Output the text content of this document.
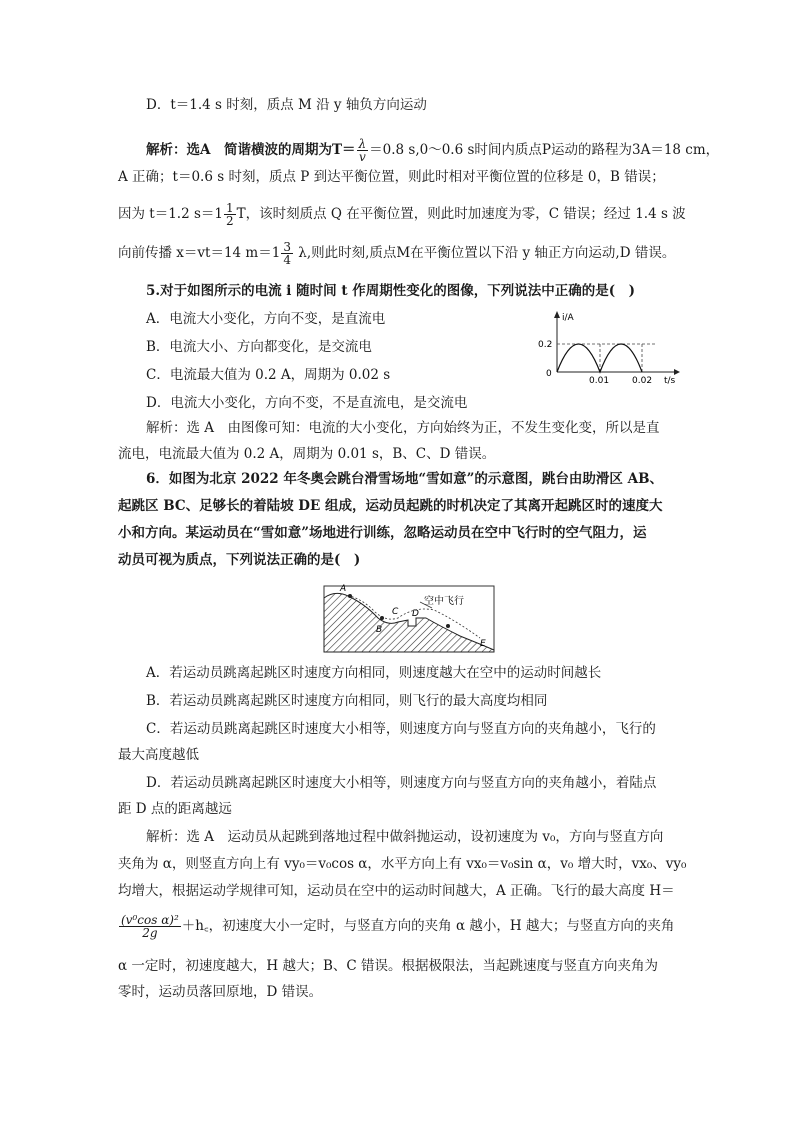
D．t＝1.4 s 时刻，质点 M 沿 y 轴负方向运动
解析：选A　简谐横波的周期为$T= \frac{\lambda}{v} =0.8$ s,0～0.6 s时间内质点P运动的路程为3A＝18 cm，
A 正确；t＝0.6 s 时刻，质点 P 到达平衡位置，则此时相对平衡位置的位移是 0，B 错误；
因为 t＝1.2 $s=1 \frac{1}{2}$ T，该时刻质点 Q 在平衡位置，则此时加速度为零，C 错误；经过 1.4 s 波
向前传播 x＝vt＝14 $m=1 \frac{3}{4} \lambda$,则此时刻,质点M在平衡位置以下沿 y 轴正方向运动,D 错误。
5.对于如图所示的电流 i 随时间 t 作周期性变化的图像，下列说法中正确的是(　)
A．电流大小变化，方向不变，是直流电
B．电流大小、方向都变化，是交流电
C．电流最大值为 0.2 A，周期为 0.02 s
D．电流大小变化，方向不变，不是直流电，是交流电
i/A
t/s
0.2
0
0.01	0.02
解析：选 A　由图像可知：电流的大小变化，方向始终为正，不发生变化变，所以是直
流电，电流最大值为 0.2 A，周期为 0.01 s，B、C、D 错误。
6．如图为北京 2022 年冬奥会跳台滑雪场地“雪如意”的示意图，跳台由助滑区 AB、
起跳区 BC、足够长的着陆坡 DE 组成，运动员起跳的时机决定了其离开起跳区时的速度大
小和方向。某运动员在“雪如意”场地进行训练，忽略运动员在空中飞行时的空气阻力，运
动员可视为质点，下列说法正确的是(　)
A
B
C D
E
空中飞行
A．若运动员跳离起跳区时速度方向相同，则速度越大在空中的运动时间越长
B．若运动员跳离起跳区时速度方向相同，则飞行的最大高度均相同
C．若运动员跳离起跳区时速度大小相等，则速度方向与竖直方向的夹角越小，飞行的
最大高度越低
D．若运动员跳离起跳区时速度大小相等，则速度方向与竖直方向的夹角越小，着陆点
距 D 点的距离越远
解析：选 A　运动员从起跳到落地过程中做斜抛运动，设初速度为 v₀，方向与竖直方向
夹角为 α，则竖直方向上有 vy₀＝v₀cos α，水平方向上有 vx₀＝v₀sin α，v₀ 增大时，vx₀、vy₀
均增大，根据运动学规律可知，运动员在空中的运动时间越大，A 正确。飞行的最大高度 H＝
$\frac{\text{(v⁰cos α)²}}{2g}$ ＋h꜀，初速度大小一定时，与竖直方向的夹角 α 越小，H 越大；与竖直方向的夹角
α 一定时，初速度越大，H 越大；B、C 错误。根据极限法，当起跳速度与竖直方向夹角为
零时，运动员落回原地，D 错误。
